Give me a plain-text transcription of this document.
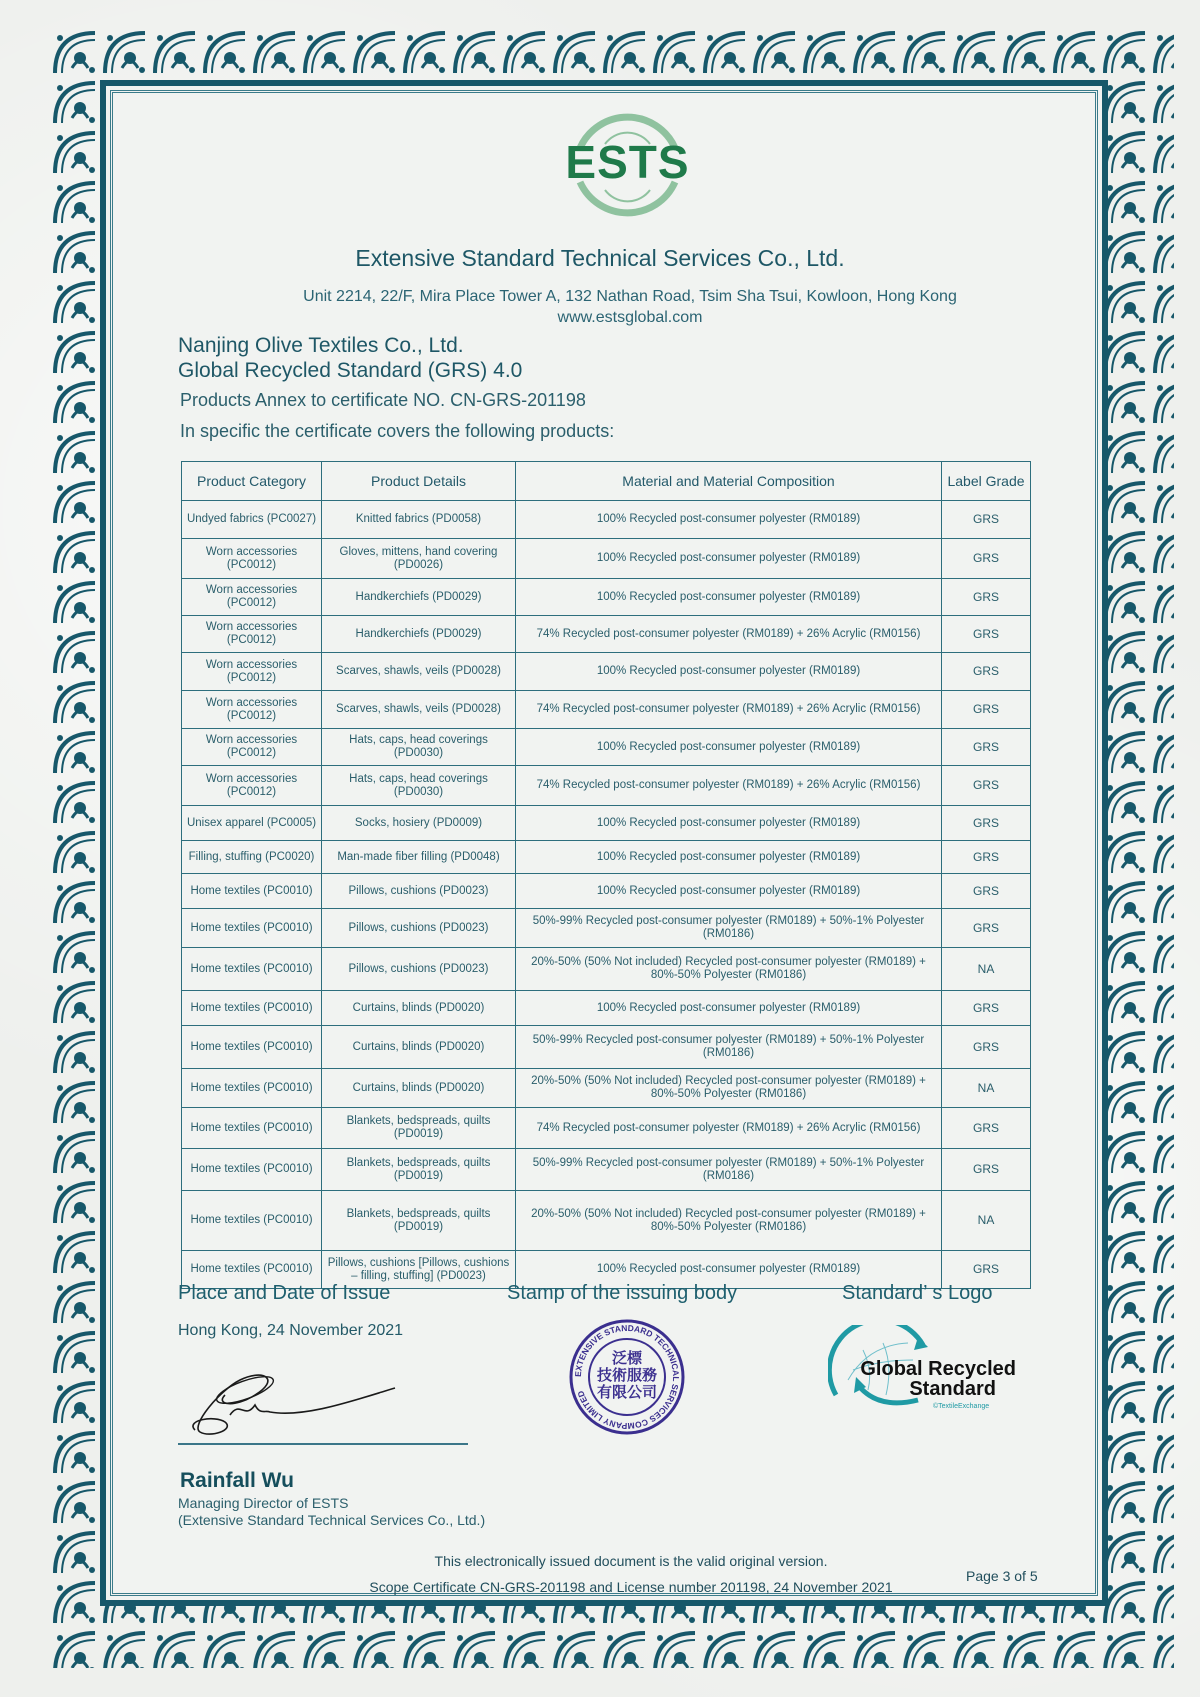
ESTS
Extensive Standard Technical Services Co., Ltd.
Unit 2214, 22/F, Mira Place Tower A, 132 Nathan Road, Tsim Sha Tsui, Kowloon, Hong Kong
www.estsglobal.com
Nanjing Olive Textiles Co., Ltd.
Global Recycled Standard (GRS) 4.0
Products Annex to certificate NO. CN-GRS-201198
In specific the certificate covers the following products:
Product Category	Product Details	Material and Material Composition	Label Grade
Undyed fabrics (PC0027)	Knitted fabrics (PD0058)	100% Recycled post-consumer polyester (RM0189)	GRS
Worn accessories (PC0012)	Gloves, mittens, hand covering (PD0026)	100% Recycled post-consumer polyester (RM0189)	GRS
Worn accessories (PC0012)	Handkerchiefs (PD0029)	100% Recycled post-consumer polyester (RM0189)	GRS
Worn accessories (PC0012)	Handkerchiefs (PD0029)	74% Recycled post-consumer polyester (RM0189) + 26% Acrylic (RM0156)	GRS
Worn accessories (PC0012)	Scarves, shawls, veils (PD0028)	100% Recycled post-consumer polyester (RM0189)	GRS
Worn accessories (PC0012)	Scarves, shawls, veils (PD0028)	74% Recycled post-consumer polyester (RM0189) + 26% Acrylic (RM0156)	GRS
Worn accessories (PC0012)	Hats, caps, head coverings (PD0030)	100% Recycled post-consumer polyester (RM0189)	GRS
Worn accessories (PC0012)	Hats, caps, head coverings (PD0030)	74% Recycled post-consumer polyester (RM0189) + 26% Acrylic (RM0156)	GRS
Unisex apparel (PC0005)	Socks, hosiery (PD0009)	100% Recycled post-consumer polyester (RM0189)	GRS
Filling, stuffing (PC0020)	Man-made fiber filling (PD0048)	100% Recycled post-consumer polyester (RM0189)	GRS
Home textiles (PC0010)	Pillows, cushions (PD0023)	100% Recycled post-consumer polyester (RM0189)	GRS
Home textiles (PC0010)	Pillows, cushions (PD0023)	50%-99% Recycled post-consumer polyester (RM0189) + 50%-1% Polyester (RM0186)	GRS
Home textiles (PC0010)	Pillows, cushions (PD0023)	20%-50% (50% Not included) Recycled post-consumer polyester (RM0189) + 80%-50% Polyester (RM0186)	NA
Home textiles (PC0010)	Curtains, blinds (PD0020)	100% Recycled post-consumer polyester (RM0189)	GRS
Home textiles (PC0010)	Curtains, blinds (PD0020)	50%-99% Recycled post-consumer polyester (RM0189) + 50%-1% Polyester (RM0186)	GRS
Home textiles (PC0010)	Curtains, blinds (PD0020)	20%-50% (50% Not included) Recycled post-consumer polyester (RM0189) + 80%-50% Polyester (RM0186)	NA
Home textiles (PC0010)	Blankets, bedspreads, quilts (PD0019)	74% Recycled post-consumer polyester (RM0189) + 26% Acrylic (RM0156)	GRS
Home textiles (PC0010)	Blankets, bedspreads, quilts (PD0019)	50%-99% Recycled post-consumer polyester (RM0189) + 50%-1% Polyester (RM0186)	GRS
Home textiles (PC0010)	Blankets, bedspreads, quilts (PD0019)	20%-50% (50% Not included) Recycled post-consumer polyester (RM0189) + 80%-50% Polyester (RM0186)	NA
Home textiles (PC0010)	Pillows, cushions [Pillows, cushions – filling, stuffing] (PD0023)	100% Recycled post-consumer polyester (RM0189)	GRS
Place and Date of Issue	Stamp of the issuing body	Standard’ s Logo
Hong Kong, 24 November 2021
Rainfall Wu
Managing Director of ESTS
(Extensive Standard Technical Services Co., Ltd.)
EXTENSIVE STANDARD TECHNICAL SERVICES COMPANY LIMITED
泛標
技術服務
有限公司
Global Recycled
Standard
©TextileExchange
This electronically issued document is the valid original version.
Scope Certificate CN-GRS-201198 and License number 201198, 24 November 2021
Page 3 of 5
